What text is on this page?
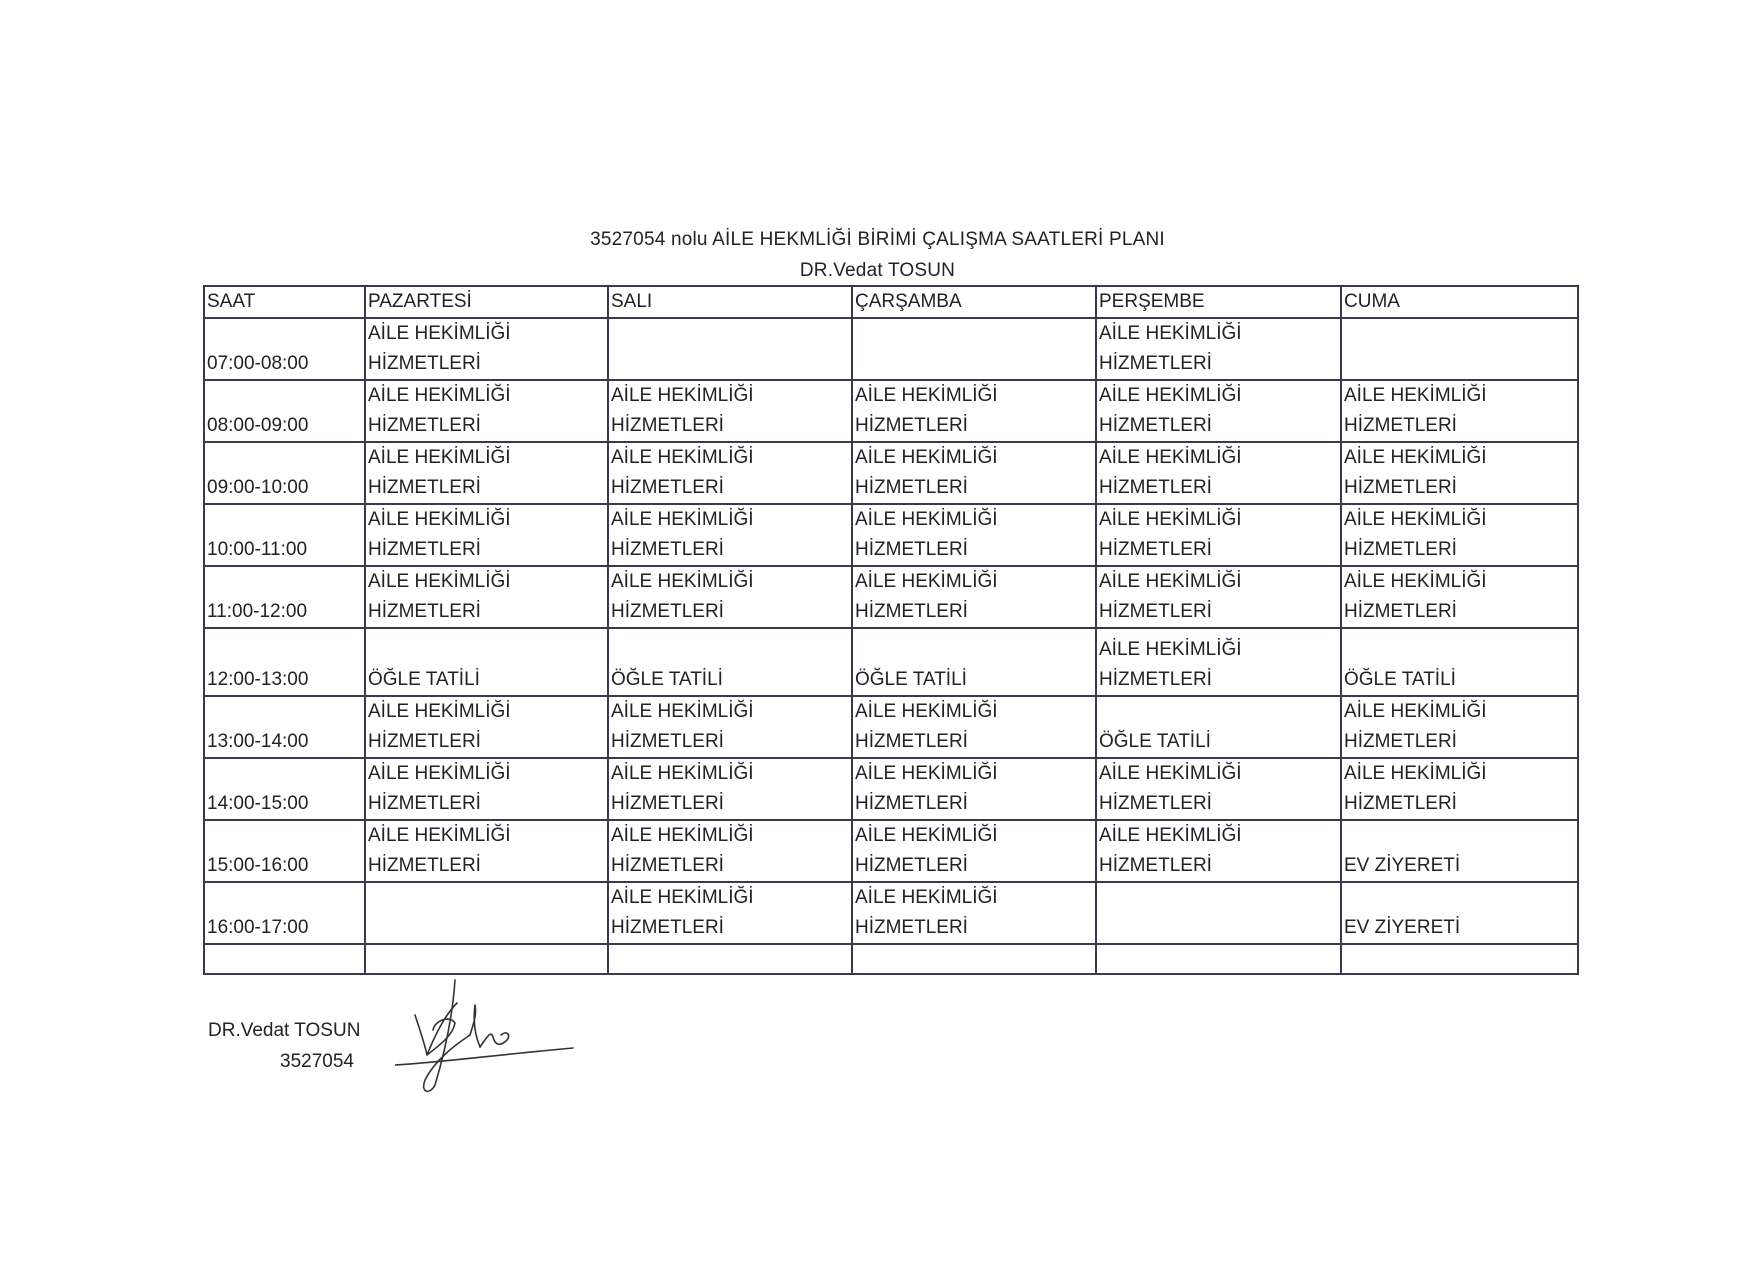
3527054 nolu AİLE HEKMLİĞİ BİRİMİ ÇALIŞMA SAATLERİ PLANI
DR.Vedat TOSUN
SAAT	PAZARTESİ	SALI	ÇARŞAMBA	PERŞEMBE	CUMA
07:00-08:00	AİLE HEKİMLİĞİ
HİZMETLERİ			AİLE HEKİMLİĞİ
HİZMETLERİ	

08:00-09:00	AİLE HEKİMLİĞİ
HİZMETLERİ	AİLE HEKİMLİĞİ
HİZMETLERİ	AİLE HEKİMLİĞİ
HİZMETLERİ	AİLE HEKİMLİĞİ
HİZMETLERİ	AİLE HEKİMLİĞİ
HİZMETLERİ

09:00-10:00	AİLE HEKİMLİĞİ
HİZMETLERİ	AİLE HEKİMLİĞİ
HİZMETLERİ	AİLE HEKİMLİĞİ
HİZMETLERİ	AİLE HEKİMLİĞİ
HİZMETLERİ	AİLE HEKİMLİĞİ
HİZMETLERİ

10:00-11:00	AİLE HEKİMLİĞİ
HİZMETLERİ	AİLE HEKİMLİĞİ
HİZMETLERİ	AİLE HEKİMLİĞİ
HİZMETLERİ	AİLE HEKİMLİĞİ
HİZMETLERİ	AİLE HEKİMLİĞİ
HİZMETLERİ

11:00-12:00	AİLE HEKİMLİĞİ
HİZMETLERİ	AİLE HEKİMLİĞİ
HİZMETLERİ	AİLE HEKİMLİĞİ
HİZMETLERİ	AİLE HEKİMLİĞİ
HİZMETLERİ	AİLE HEKİMLİĞİ
HİZMETLERİ

12:00-13:00	ÖĞLE TATİLİ	ÖĞLE TATİLİ	ÖĞLE TATİLİ	AİLE HEKİMLİĞİ
HİZMETLERİ	ÖĞLE TATİLİ

13:00-14:00	AİLE HEKİMLİĞİ
HİZMETLERİ	AİLE HEKİMLİĞİ
HİZMETLERİ	AİLE HEKİMLİĞİ
HİZMETLERİ	ÖĞLE TATİLİ	AİLE HEKİMLİĞİ
HİZMETLERİ

14:00-15:00	AİLE HEKİMLİĞİ
HİZMETLERİ	AİLE HEKİMLİĞİ
HİZMETLERİ	AİLE HEKİMLİĞİ
HİZMETLERİ	AİLE HEKİMLİĞİ
HİZMETLERİ	AİLE HEKİMLİĞİ
HİZMETLERİ

15:00-16:00	AİLE HEKİMLİĞİ
HİZMETLERİ	AİLE HEKİMLİĞİ
HİZMETLERİ	AİLE HEKİMLİĞİ
HİZMETLERİ	AİLE HEKİMLİĞİ
HİZMETLERİ	EV ZİYERETİ

16:00-17:00		AİLE HEKİMLİĞİ
HİZMETLERİ	AİLE HEKİMLİĞİ
HİZMETLERİ		EV ZİYERETİ

DR.Vedat TOSUN
3527054
